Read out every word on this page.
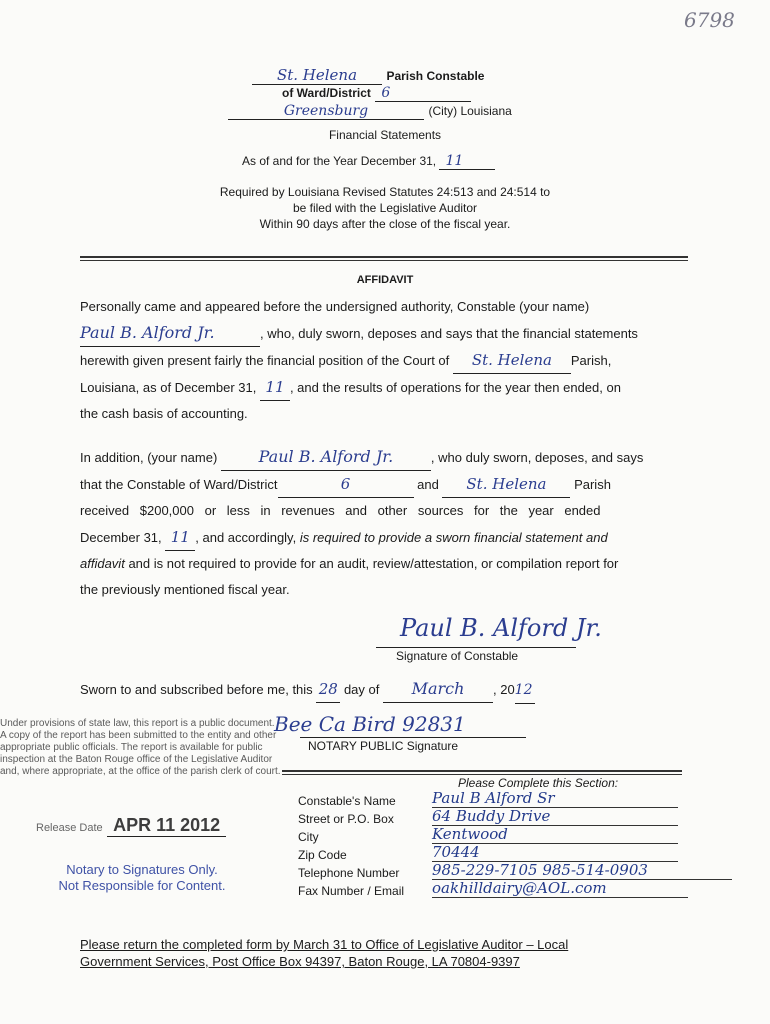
6798
St. Helena Parish Constable
of Ward/District 6
Greensburg	(City) Louisiana
Financial Statements
As of and for the Year December 31, 11
Required by Louisiana Revised Statutes 24:513 and 24:514 to
be filed with the Legislative Auditor
Within 90 days after the close of the fiscal year.
AFFIDAVIT
Personally came and appeared before the undersigned authority, Constable (your name)
Paul B. Alford Jr.	, who, duly sworn, deposes and says that the financial statements
herewith given present fairly the financial position of the Court of St. Helena Parish,
Louisiana, as of December 31, 11 , and the results of operations for the year then ended, on
the cash basis of accounting.
In addition, (your name)	Paul B. Alford Jr.	, who duly sworn, deposes, and says
that the Constable of Ward/District	6	and St. Helena Parish
received $200,000 or less in revenues and other sources for the year ended
December 31, 11 , and accordingly, is required to provide a sworn financial statement and
affidavit and is not required to provide for an audit, review/attestation, or compilation report for
the previously mentioned fiscal year.
Paul B. Alford Jr.
Signature of Constable
Sworn to and subscribed before me, this 28 day of March , 2012
Bee Ca Bird 92831
NOTARY PUBLIC Signature
Under provisions of state law, this report is a public document. A copy of the report has been submitted to the entity and other appropriate public officials. The report is available for public inspection at the Baton Rouge office of the Legislative Auditor and, where appropriate, at the office of the parish clerk of court.
Release Date APR 11 2012
Notary to Signatures Only.
Not Responsible for Content.
Please Complete this Section:
Constable's Name	Paul B Alford Sr
Street or P.O. Box	64 Buddy Drive
City	Kentwood
Zip Code	70444
Telephone Number	985-229-7105 985-514-0903
Fax Number / Email	oakhilldairy@AOL.com
Please return the completed form by March 31 to Office of Legislative Auditor – Local
Government Services, Post Office Box 94397, Baton Rouge, LA 70804-9397
